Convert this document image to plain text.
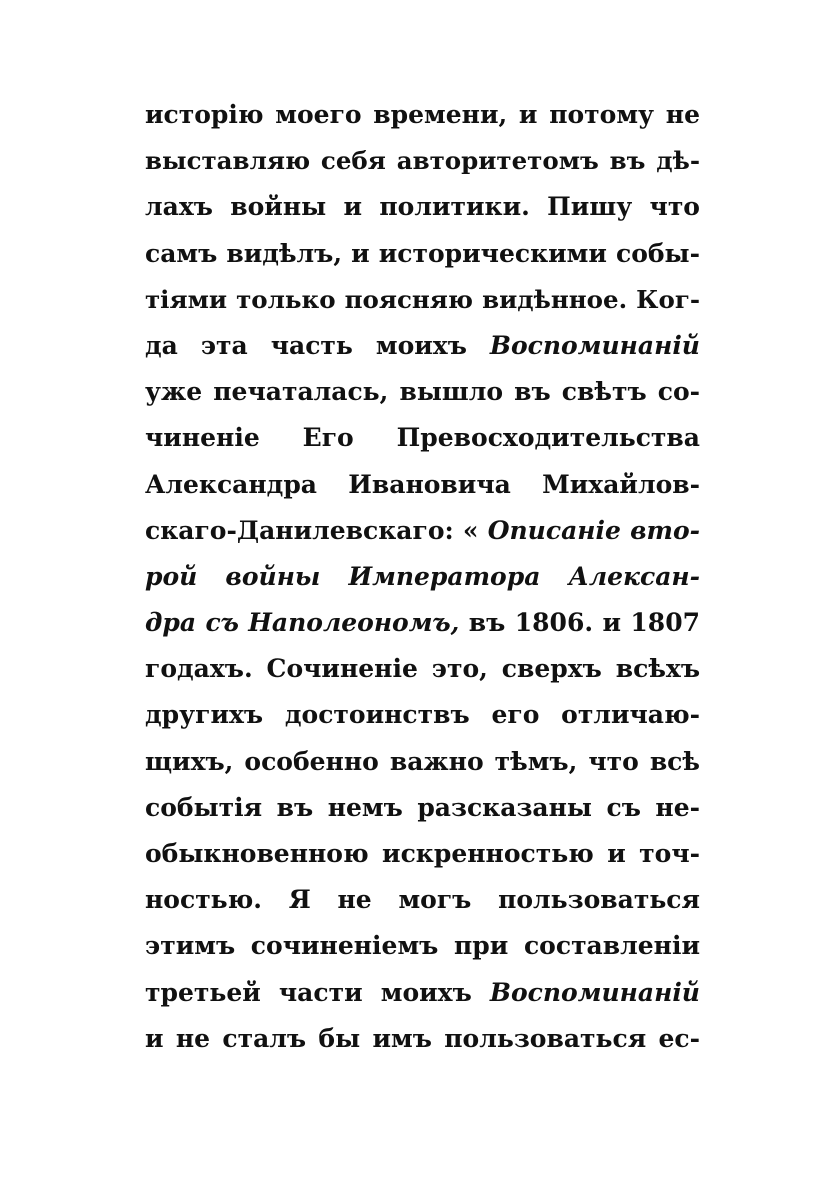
исторію моего времени, и потому не
выставляю себя авторитетомъ въ дѣ-
лахъ войны и политики. Пишу что
самъ видѣлъ, и историческими собы-
тіями только поясняю видѣнное. Ког-
да эта часть моихъ Воспоминаній
уже печаталась, вышло въ свѣтъ со-
чиненіе Его Превосходительства
Александра Ивановича Михайлов-
скаго-Данилевскаго: « Описаніе вто-
рой войны Императора Алексан-
дра съ Наполеономъ, въ 1806. и 1807
годахъ. Сочиненіе это, сверхъ всѣхъ
другихъ достоинствъ его отличаю-
щихъ, особенно важно тѣмъ, что всѣ
событія въ немъ разсказаны съ не-
обыкновенною искренностью и точ-
ностью. Я не могъ пользоваться
этимъ сочиненіемъ при составленіи
третьей части моихъ Воспоминаній
и не сталъ бы имъ пользоваться ес-
